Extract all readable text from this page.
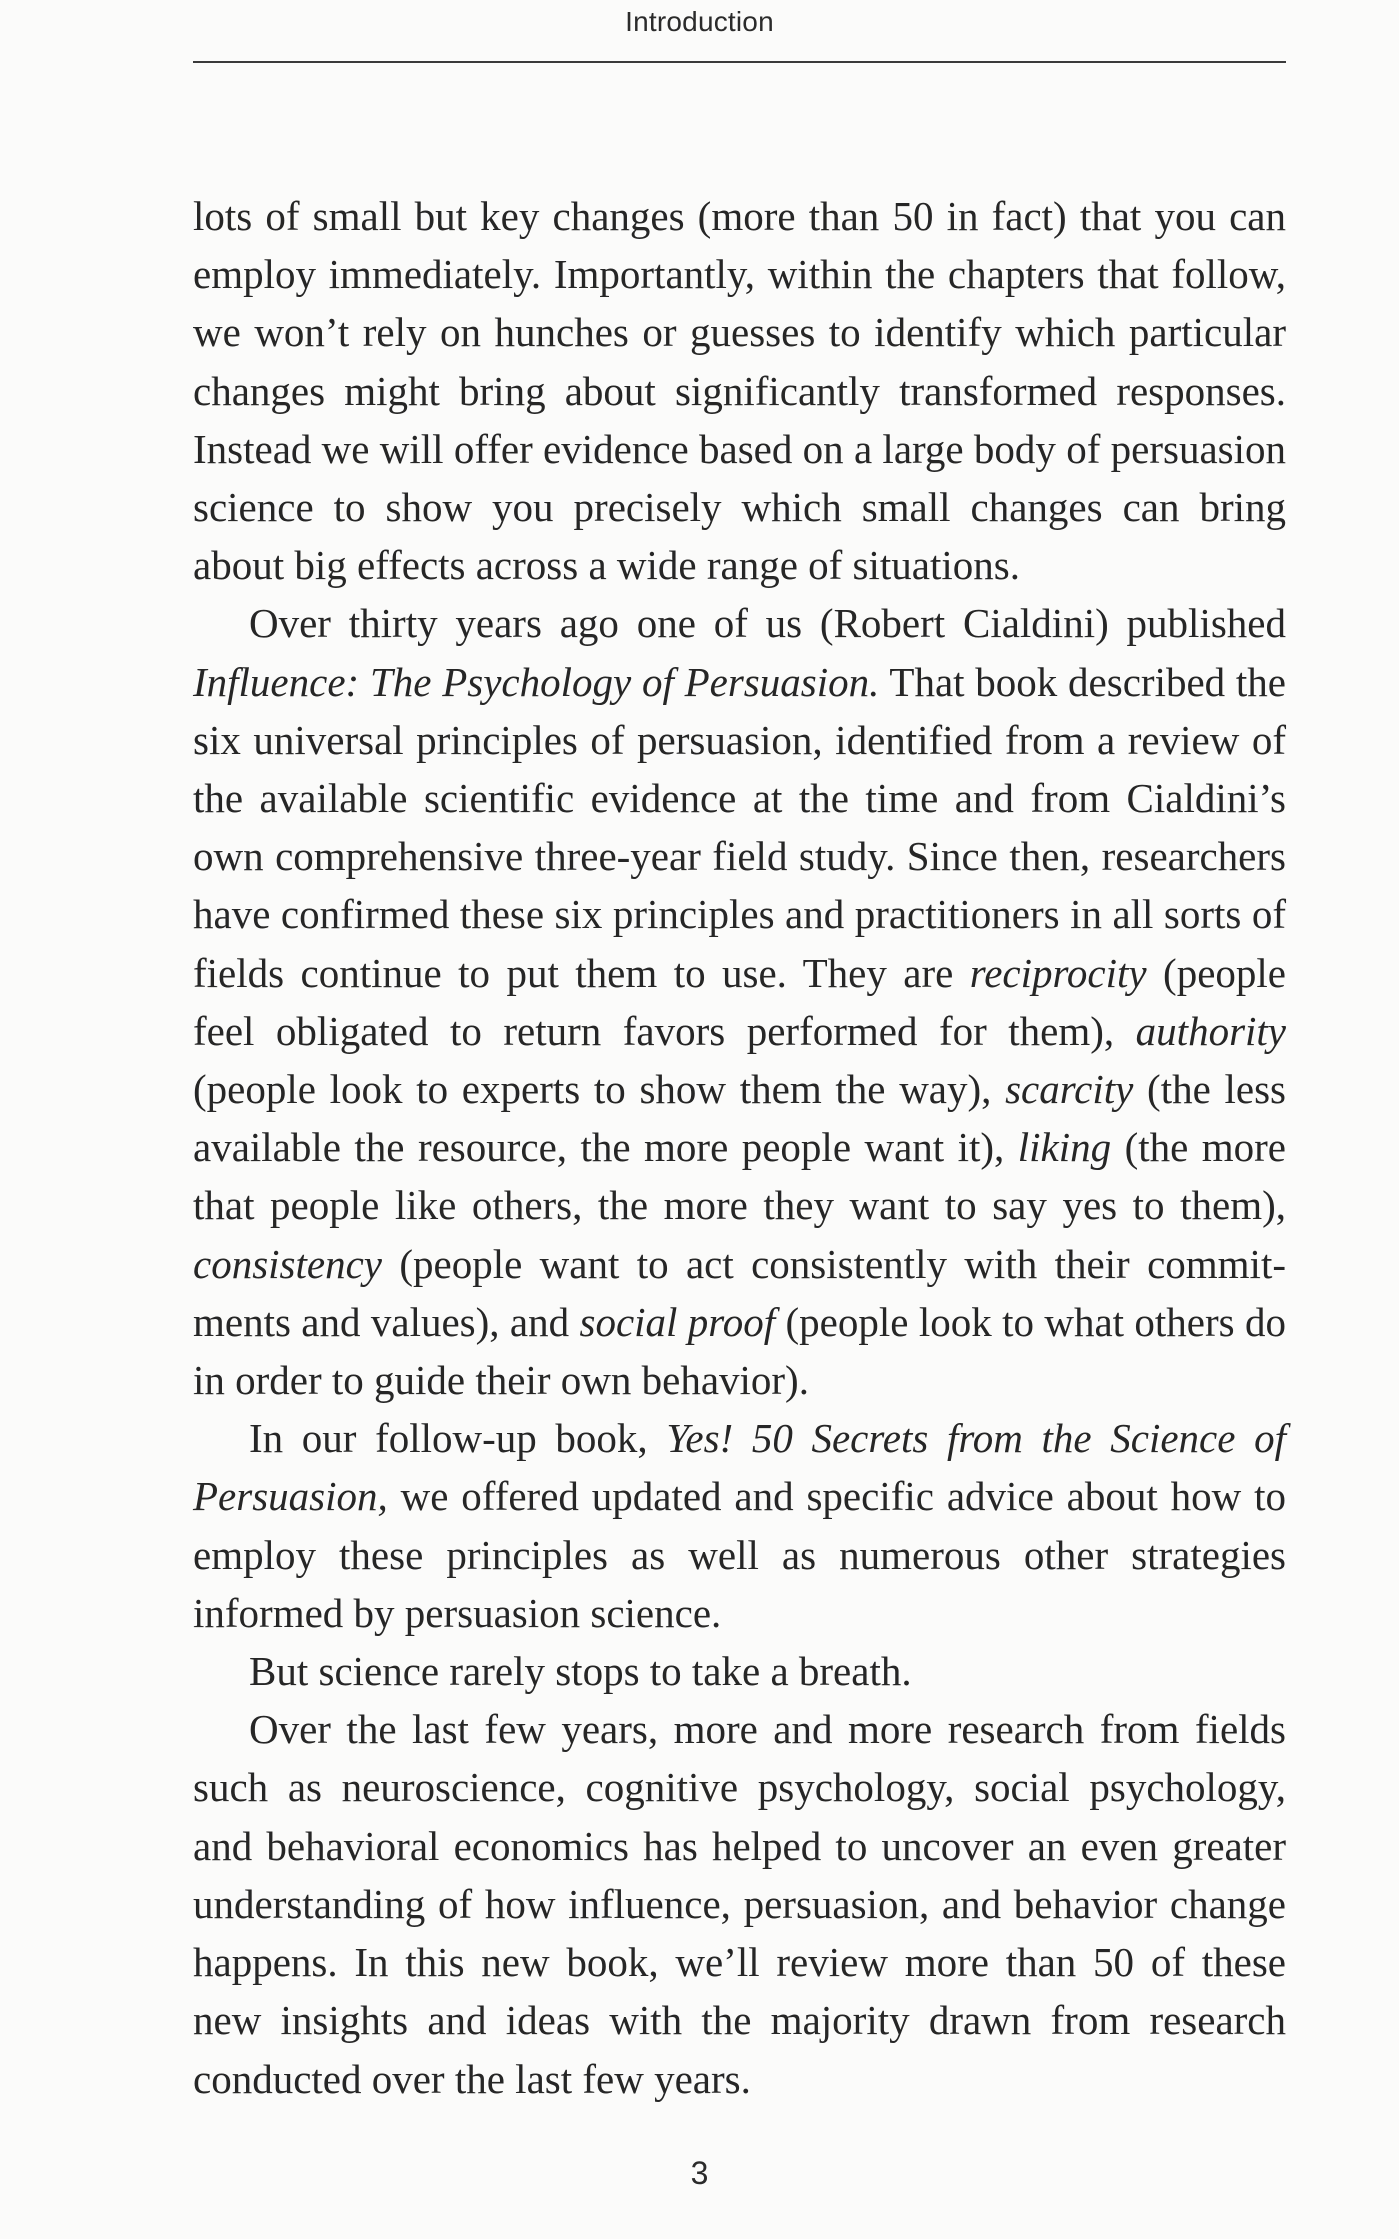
Introduction

lots of small but key changes (more than 50 in fact) that you can employ immediately. Importantly, within the chapters that follow, we won’t rely on hunches or guesses to identify which particular changes might bring about significantly transformed responses. Instead we will offer evidence based on a large body of persuasion science to show you precisely which small changes can bring about big effects across a wide range of situations.

Over thirty years ago one of us (Robert Cialdini) published Influence: The Psychology of Persuasion. That book described the six universal principles of persuasion, identified from a review of the available scientific evidence at the time and from Cialdini’s own comprehensive three-year field study. Since then, researchers have confirmed these six principles and practitioners in all sorts of fields continue to put them to use. They are reciprocity (people feel obligated to return favors performed for them), authority (people look to experts to show them the way), scarcity (the less available the resource, the more people want it), liking (the more that people like others, the more they want to say yes to them), consistency (people want to act consistently with their commitments and values), and social proof (people look to what others do in order to guide their own behavior).

In our follow-up book, Yes! 50 Secrets from the Science of Persuasion, we offered updated and specific advice about how to employ these principles as well as numerous other strategies informed by persuasion science.

But science rarely stops to take a breath.

Over the last few years, more and more research from fields such as neuroscience, cognitive psychology, social psychology, and behavioral economics has helped to uncover an even greater understanding of how influence, persuasion, and behavior change happens. In this new book, we’ll review more than 50 of these new insights and ideas with the majority drawn from research conducted over the last few years.

3
